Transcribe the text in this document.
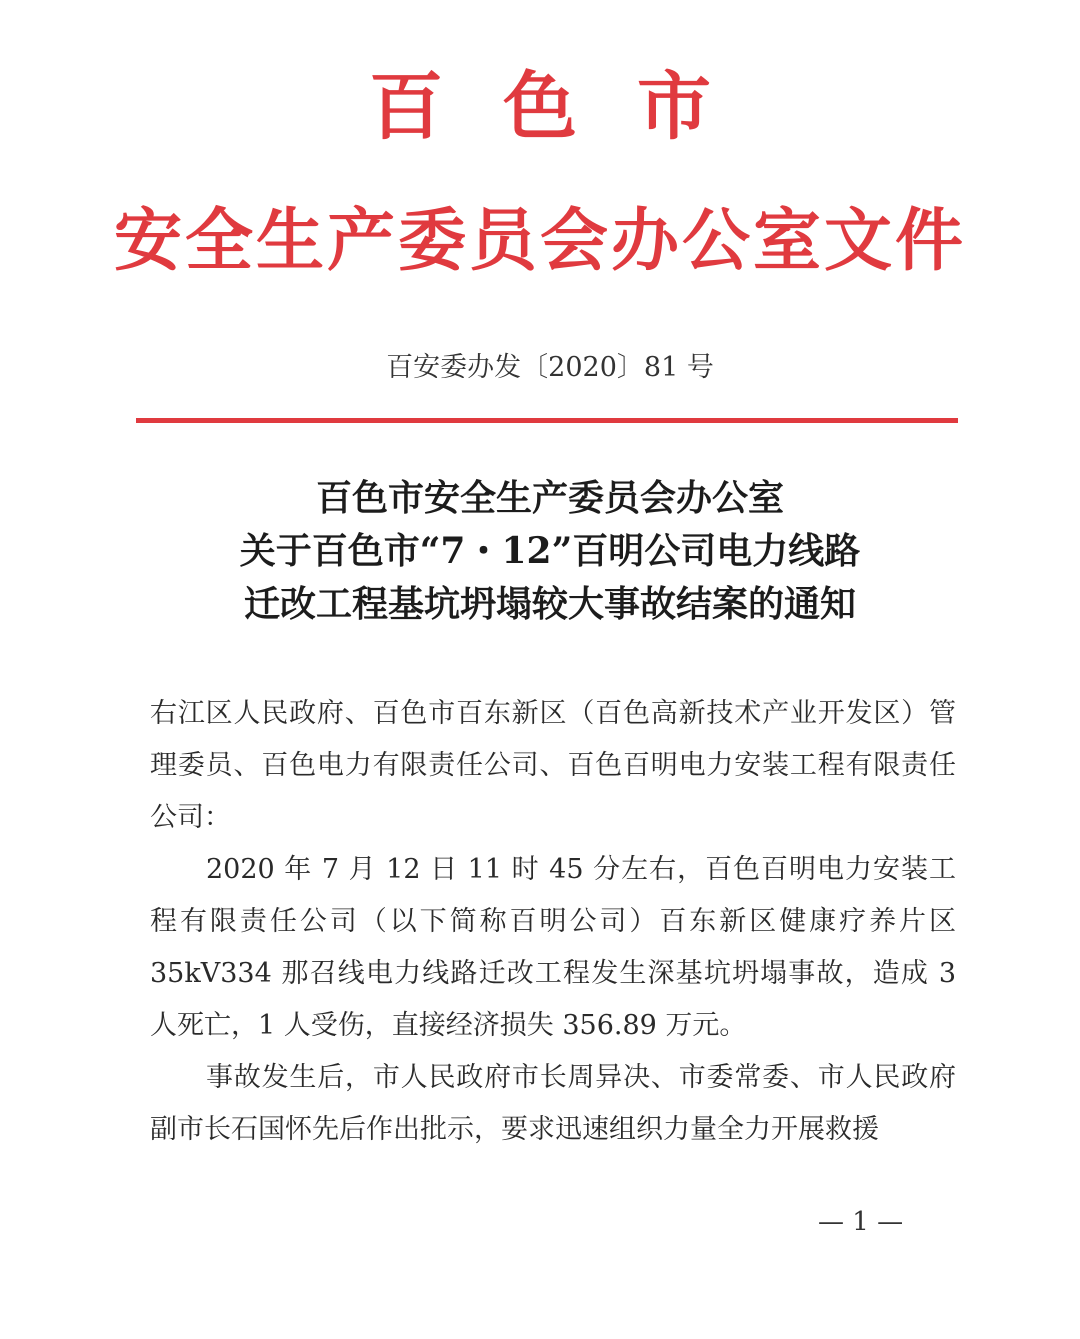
百色市
安全生产委员会办公室文件
百安委办发〔2020〕81 号
百色市安全生产委员会办公室
关于百色市“7・12”百明公司电力线路
迁改工程基坑坍塌较大事故结案的通知

右江区人民政府、百色市百东新区（百色高新技术产业开发区）管理委员、百色电力有限责任公司、百色百明电力安装工程有限责任公司：

2020 年 7 月 12 日 11 时 45 分左右，百色百明电力安装工程有限责任公司（以下简称百明公司）百东新区健康疗养片区 35kV334 那召线电力线路迁改工程发生深基坑坍塌事故，造成 3 人死亡，1 人受伤，直接经济损失 356.89 万元。

事故发生后，市人民政府市长周异决、市委常委、市人民政府副市长石国怀先后作出批示，要求迅速组织力量全力开展救援

— 1 —
